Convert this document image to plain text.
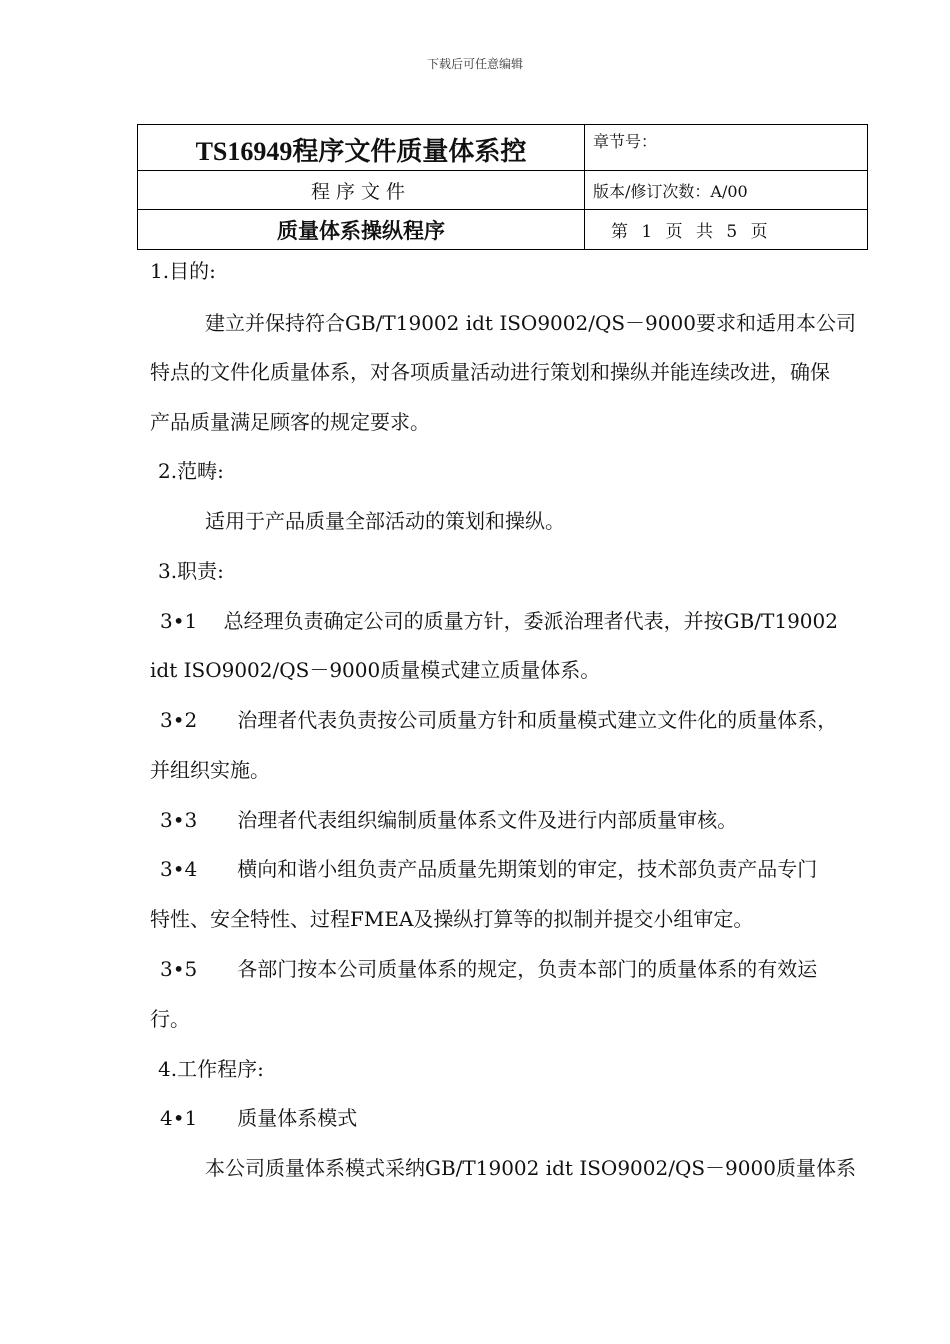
下载后可任意编辑
TS16949程序文件质量体系控	章节号：
程序文件	版本/修订次数：A/00
质量体系操纵程序	第 1 页 共 5 页
1.目的:
建立并保持符合GB/T19002 idt ISO9002/QS－9000要求和适用本公司
特点的文件化质量体系，对各项质量活动进行策划和操纵并能连续改进，确保
产品质量满足顾客的规定要求。
2.范畴:
适用于产品质量全部活动的策划和操纵。
3.职责:
3•1　 总经理负责确定公司的质量方针，委派治理者代表，并按GB/T19002
idt ISO9002/QS－9000质量模式建立质量体系。
3•2　　治理者代表负责按公司质量方针和质量模式建立文件化的质量体系，
并组织实施。
3•3　　治理者代表组织编制质量体系文件及进行内部质量审核。
3•4　　横向和谐小组负责产品质量先期策划的审定，技术部负责产品专门
特性、安全特性、过程FMEA及操纵打算等的拟制并提交小组审定。
3•5　　各部门按本公司质量体系的规定，负责本部门的质量体系的有效运
行。
4.工作程序:
4•1　　质量体系模式
本公司质量体系模式采纳GB/T19002 idt ISO9002/QS－9000质量体系
